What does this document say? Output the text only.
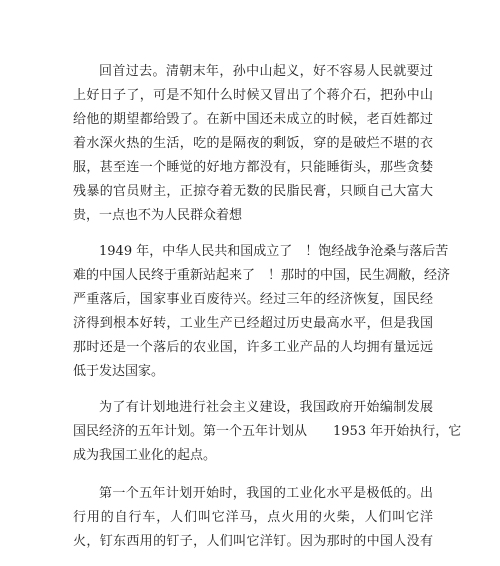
回首过去。清朝末年，孙中山起义，好不容易人民就要过
上好日子了，可是不知什么时候又冒出了个蒋介石，把孙中山
给他的期望都给毁了。在新中国还未成立的时候，老百姓都过
着水深火热的生活，吃的是隔夜的剩饭，穿的是破烂不堪的衣
服，甚至连一个睡觉的好地方都没有，只能睡街头，那些贪婪
残暴的官员财主，正掠夺着无数的民脂民膏，只顾自己大富大
贵，一点也不为人民群众着想
1949 年，中华人民共和国成立了　！饱经战争沧桑与落后苦
难的中国人民终于重新站起来了　！那时的中国，民生凋敝，经济
严重落后，国家事业百废待兴。经过三年的经济恢复，国民经
济得到根本好转，工业生产已经超过历史最高水平，但是我国
那时还是一个落后的农业国，许多工业产品的人均拥有量远远
低于发达国家。
为了有计划地进行社会主义建设，我国政府开始编制发展
国民经济的五年计划。第一个五年计划从　　1953 年开始执行，它
成为我国工业化的起点。
第一个五年计划开始时，我国的工业化水平是极低的。出
行用的自行车，人们叫它洋马，点火用的火柴，人们叫它洋
火，钉东西用的钉子，人们叫它洋钉。因为那时的中国人没有
